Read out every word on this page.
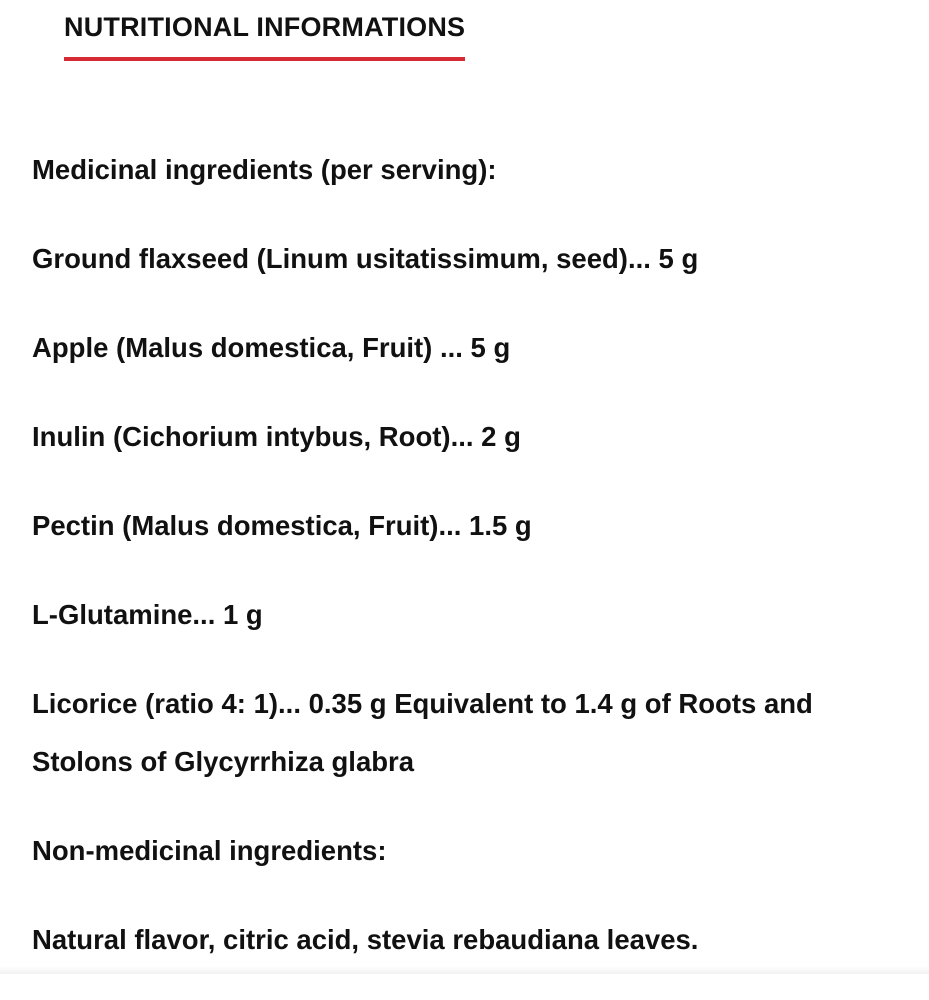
NUTRITIONAL INFORMATIONS

Medicinal ingredients (per serving):

Ground flaxseed (Linum usitatissimum, seed)... 5 g

Apple (Malus domestica, Fruit) ... 5 g

Inulin (Cichorium intybus, Root)... 2 g

Pectin (Malus domestica, Fruit)... 1.5 g

L-Glutamine... 1 g

Licorice (ratio 4: 1)... 0.35 g Equivalent to 1.4 g of Roots and Stolons of Glycyrrhiza glabra

Non-medicinal ingredients:

Natural flavor, citric acid, stevia rebaudiana leaves.
